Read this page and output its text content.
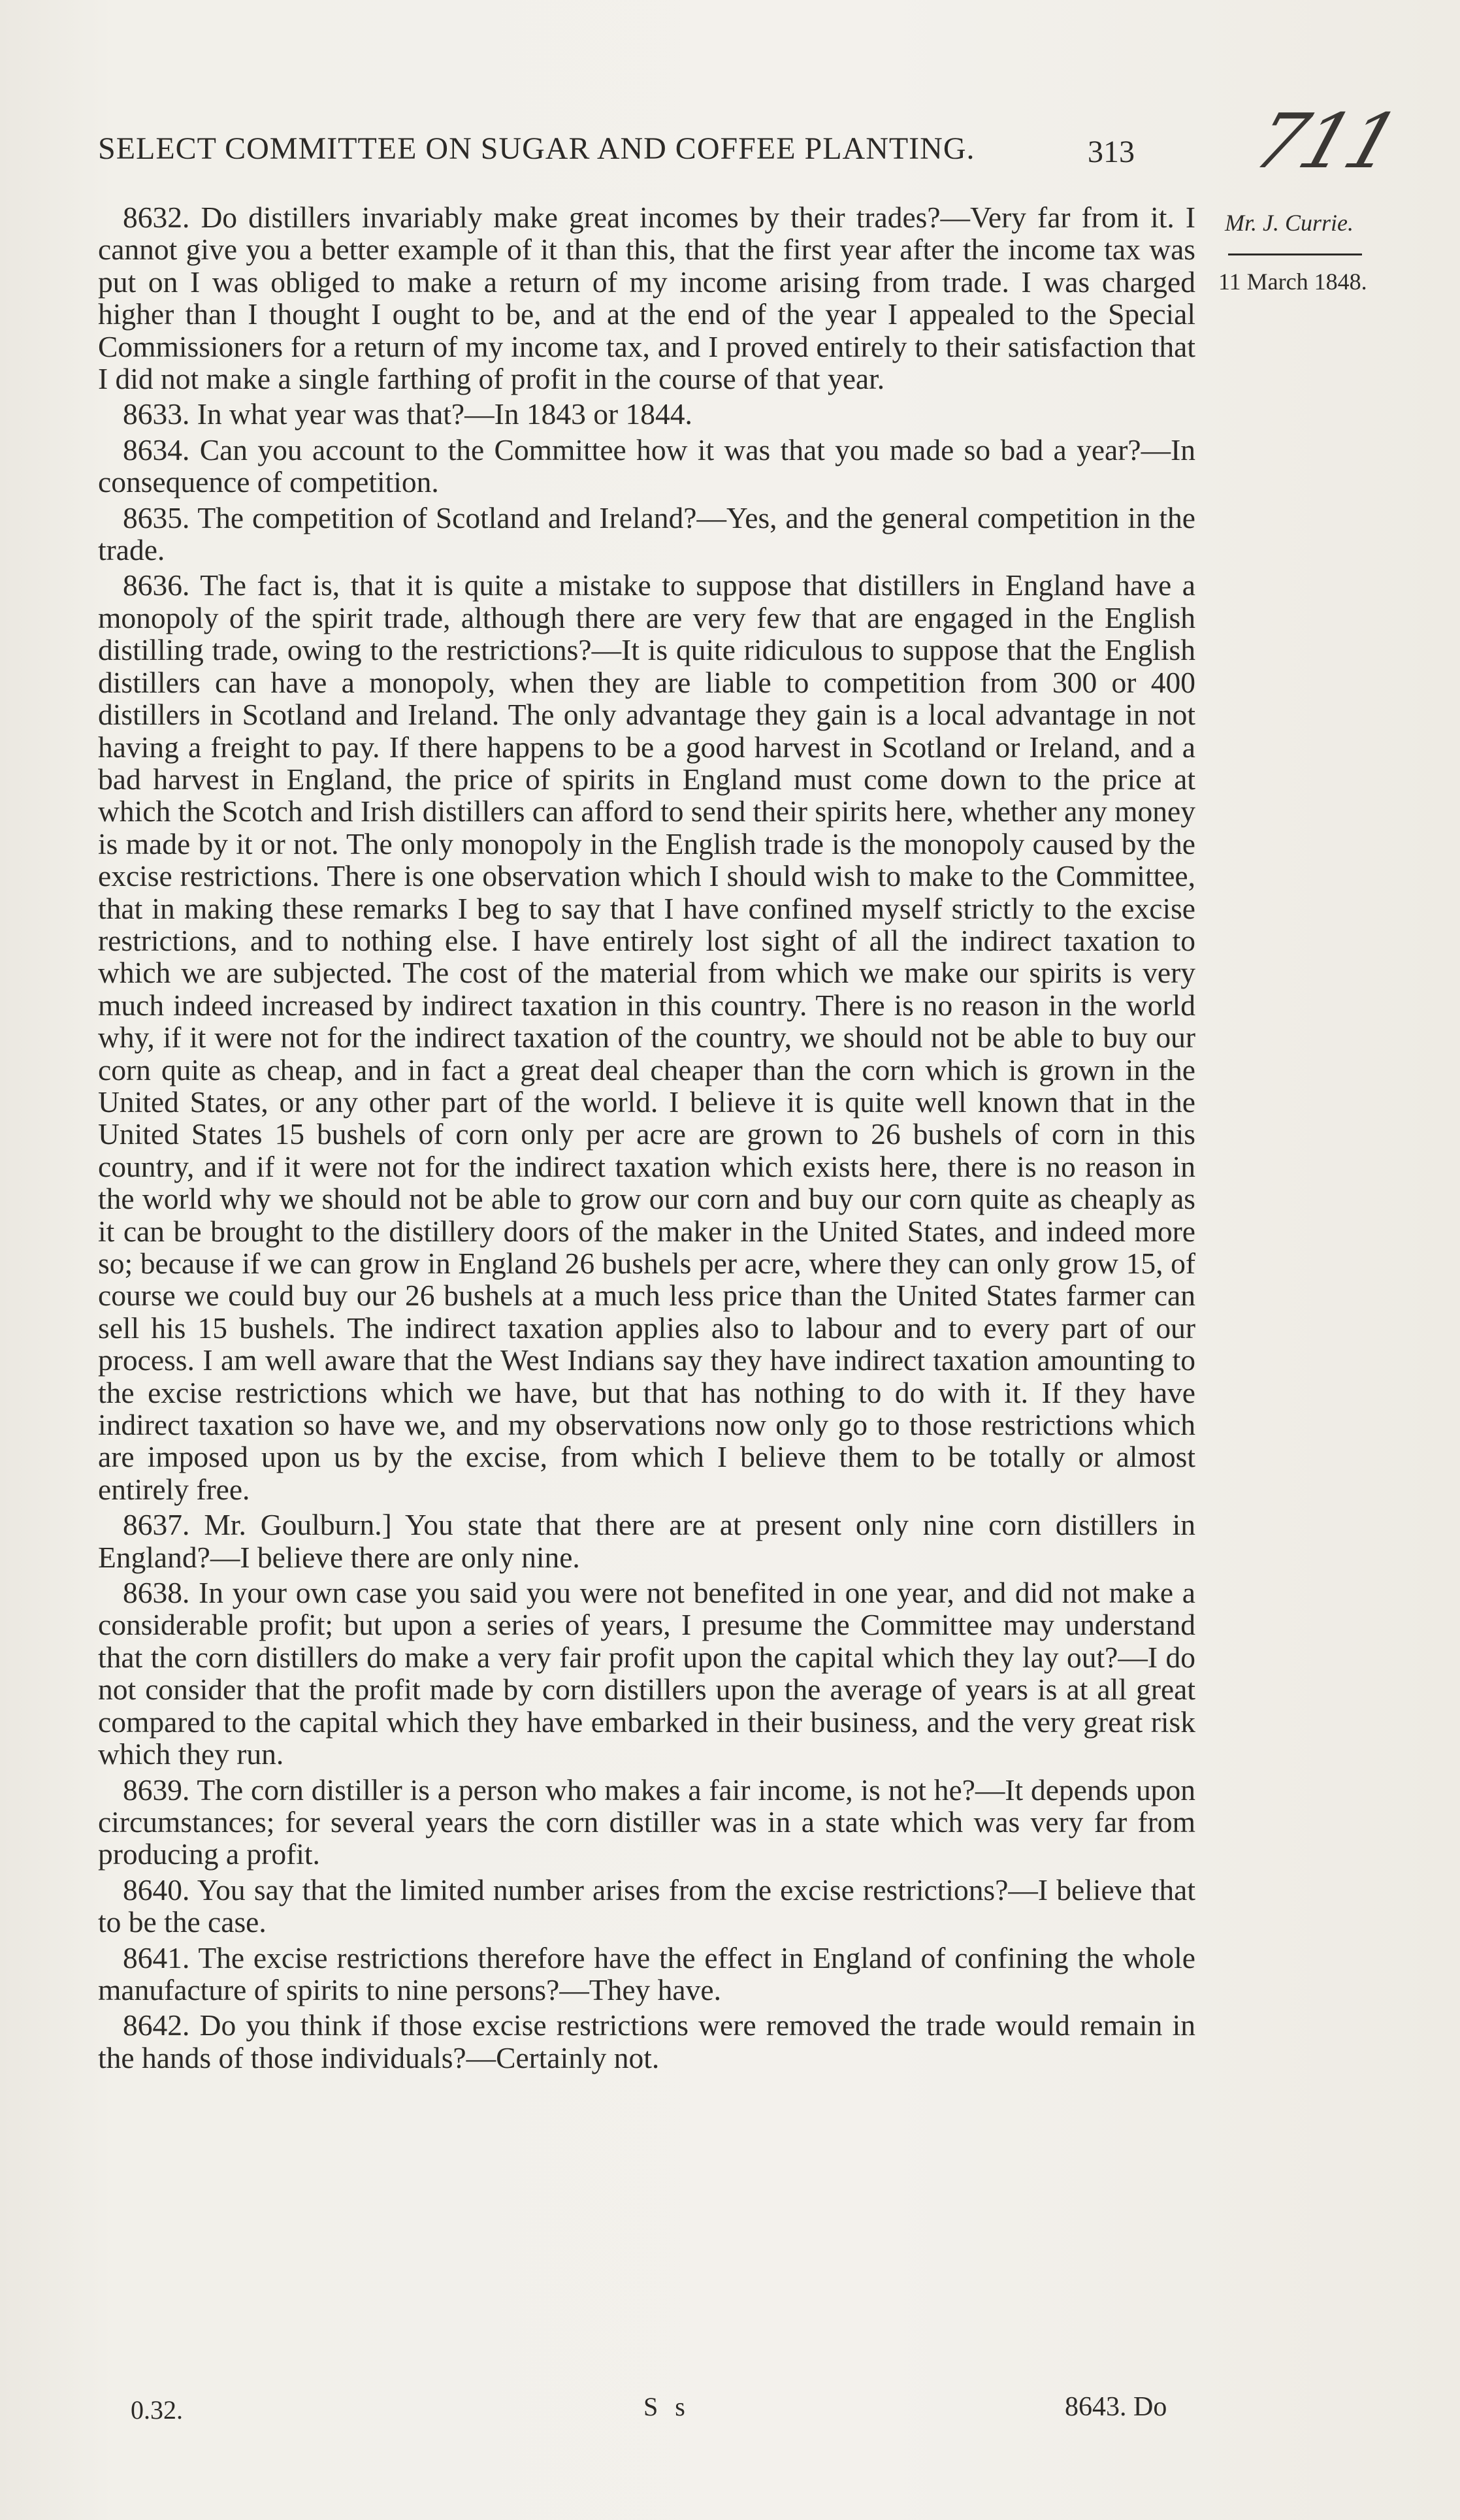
SELECT COMMITTEE ON SUGAR AND COFFEE PLANTING.	313 711
Mr. J. Currie.
11 March 1848.

8632. Do distillers invariably make great incomes by their trades?—Very far from it. I cannot give you a better example of it than this, that the first year after the income tax was put on I was obliged to make a return of my income arising from trade. I was charged higher than I thought I ought to be, and at the end of the year I appealed to the Special Commissioners for a return of my income tax, and I proved entirely to their satisfaction that I did not make a single farthing of profit in the course of that year.

8633. In what year was that?—In 1843 or 1844.

8634. Can you account to the Committee how it was that you made so bad a year?—In consequence of competition.

8635. The competition of Scotland and Ireland?—Yes, and the general competition in the trade.

8636. The fact is, that it is quite a mistake to suppose that distillers in England have a monopoly of the spirit trade, although there are very few that are engaged in the English distilling trade, owing to the restrictions?—It is quite ridiculous to suppose that the English distillers can have a monopoly, when they are liable to competition from 300 or 400 distillers in Scotland and Ireland. The only advantage they gain is a local advantage in not having a freight to pay. If there happens to be a good harvest in Scotland or Ireland, and a bad harvest in England, the price of spirits in England must come down to the price at which the Scotch and Irish distillers can afford to send their spirits here, whether any money is made by it or not. The only monopoly in the English trade is the monopoly caused by the excise restrictions. There is one observation which I should wish to make to the Committee, that in making these remarks I beg to say that I have confined myself strictly to the excise restrictions, and to nothing else. I have entirely lost sight of all the indirect taxation to which we are subjected. The cost of the material from which we make our spirits is very much indeed increased by indirect taxation in this country. There is no reason in the world why, if it were not for the indirect taxation of the country, we should not be able to buy our corn quite as cheap, and in fact a great deal cheaper than the corn which is grown in the United States, or any other part of the world. I believe it is quite well known that in the United States 15 bushels of corn only per acre are grown to 26 bushels of corn in this country, and if it were not for the indirect taxation which exists here, there is no reason in the world why we should not be able to grow our corn and buy our corn quite as cheaply as it can be brought to the distillery doors of the maker in the United States, and indeed more so; because if we can grow in England 26 bushels per acre, where they can only grow 15, of course we could buy our 26 bushels at a much less price than the United States farmer can sell his 15 bushels. The indirect taxation applies also to labour and to every part of our process. I am well aware that the West Indians say they have indirect taxation amounting to the excise restrictions which we have, but that has nothing to do with it. If they have indirect taxation so have we, and my observations now only go to those restrictions which are imposed upon us by the excise, from which I believe them to be totally or almost entirely free.

8637. Mr. Goulburn.] You state that there are at present only nine corn distillers in England?—I believe there are only nine.

8638. In your own case you said you were not benefited in one year, and did not make a considerable profit; but upon a series of years, I presume the Committee may understand that the corn distillers do make a very fair profit upon the capital which they lay out?—I do not consider that the profit made by corn distillers upon the average of years is at all great compared to the capital which they have embarked in their business, and the very great risk which they run.

8639. The corn distiller is a person who makes a fair income, is not he?—It depends upon circumstances; for several years the corn distiller was in a state which was very far from producing a profit.

8640. You say that the limited number arises from the excise restrictions?—I believe that to be the case.

8641. The excise restrictions therefore have the effect in England of confining the whole manufacture of spirits to nine persons?—They have.

8642. Do you think if those excise restrictions were removed the trade would remain in the hands of those individuals?—Certainly not.

0.32.	S s	8643. Do
